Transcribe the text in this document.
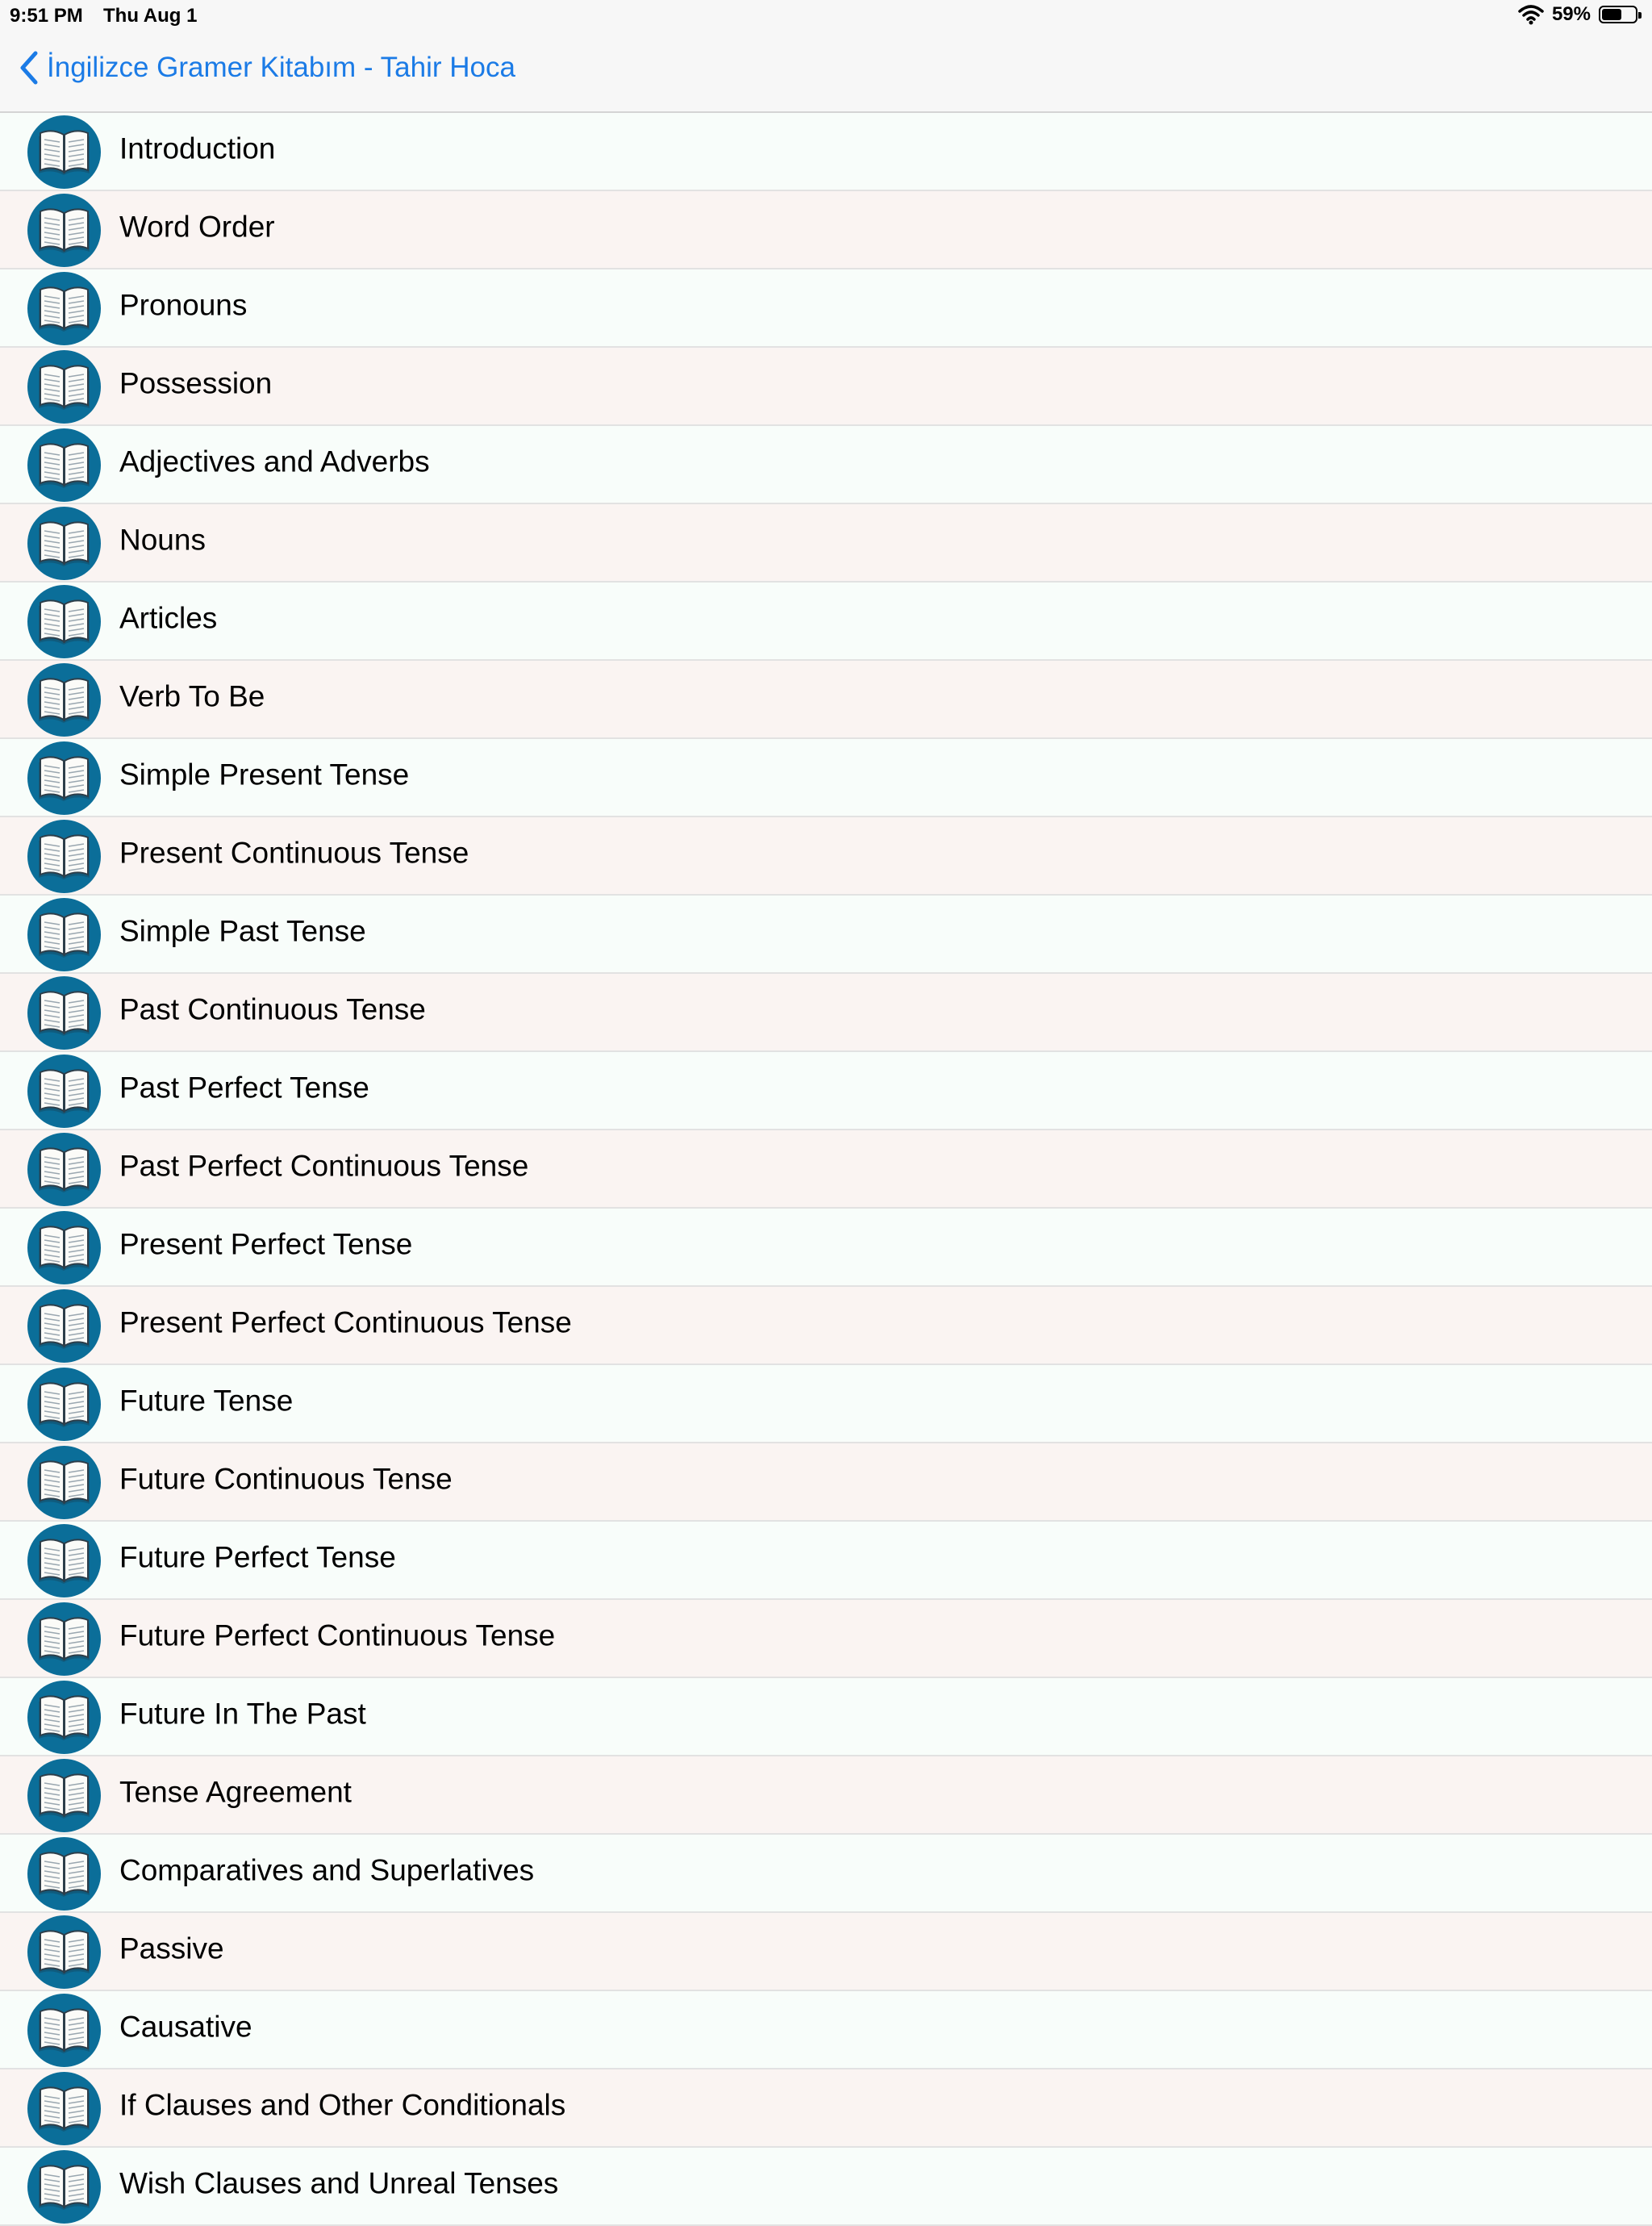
9:51 PM Thu Aug 1	59%
İngilizce Gramer Kitabım - Tahir Hoca
Introduction
Word Order
Pronouns
Possession
Adjectives and Adverbs
Nouns
Articles
Verb To Be
Simple Present Tense
Present Continuous Tense
Simple Past Tense
Past Continuous Tense
Past Perfect Tense
Past Perfect Continuous Tense
Present Perfect Tense
Present Perfect Continuous Tense
Future Tense
Future Continuous Tense
Future Perfect Tense
Future Perfect Continuous Tense
Future In The Past
Tense Agreement
Comparatives and Superlatives
Passive
Causative
If Clauses and Other Conditionals
Wish Clauses and Unreal Tenses
